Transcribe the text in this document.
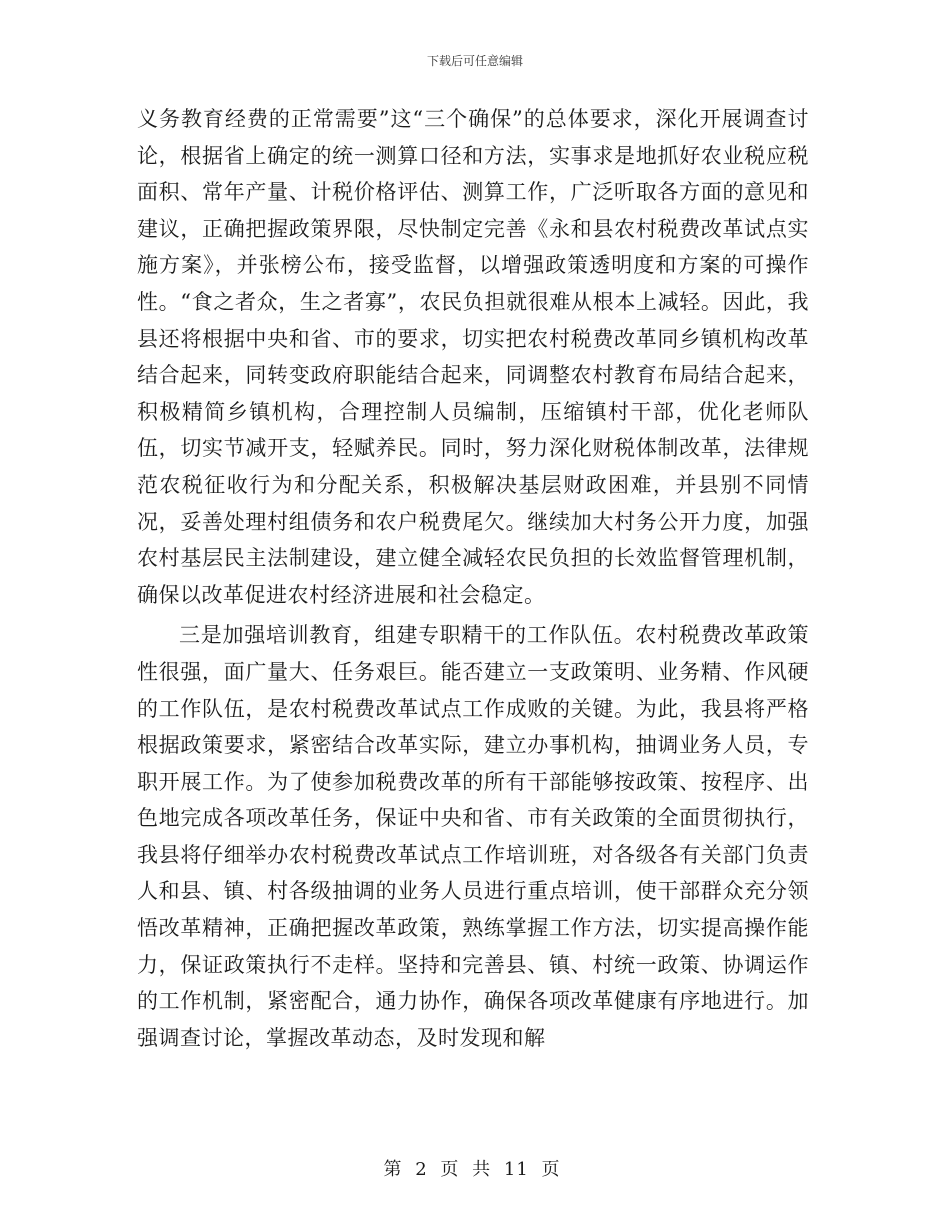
下载后可任意编辑

义务教育经费的正常需要”这“三个确保”的总体要求，深化开展调查讨论，根据省上确定的统一测算口径和方法，实事求是地抓好农业税应税面积、常年产量、计税价格评估、测算工作，广泛听取各方面的意见和建议，正确把握政策界限，尽快制定完善《永和县农村税费改革试点实施方案》，并张榜公布，接受监督，以增强政策透明度和方案的可操作性。“食之者众，生之者寡”，农民负担就很难从根本上减轻。因此，我县还将根据中央和省、市的要求，切实把农村税费改革同乡镇机构改革结合起来，同转变政府职能结合起来，同调整农村教育布局结合起来，积极精简乡镇机构，合理控制人员编制，压缩镇村干部，优化老师队伍，切实节减开支，轻赋养民。同时，努力深化财税体制改革，法律规范农税征收行为和分配关系，积极解决基层财政困难，并县别不同情况，妥善处理村组债务和农户税费尾欠。继续加大村务公开力度，加强农村基层民主法制建设，建立健全减轻农民负担的长效监督管理机制，确保以改革促进农村经济进展和社会稳定。

三是加强培训教育，组建专职精干的工作队伍。农村税费改革政策性很强，面广量大、任务艰巨。能否建立一支政策明、业务精、作风硬的工作队伍，是农村税费改革试点工作成败的关键。为此，我县将严格根据政策要求，紧密结合改革实际，建立办事机构，抽调业务人员，专职开展工作。为了使参加税费改革的所有干部能够按政策、按程序、出色地完成各项改革任务，保证中央和省、市有关政策的全面贯彻执行，我县将仔细举办农村税费改革试点工作培训班，对各级各有关部门负责人和县、镇、村各级抽调的业务人员进行重点培训，使干部群众充分领悟改革精神，正确把握改革政策，熟练掌握工作方法，切实提高操作能力，保证政策执行不走样。坚持和完善县、镇、村统一政策、协调运作的工作机制，紧密配合，通力协作，确保各项改革健康有序地进行。加强调查讨论，掌握改革动态，及时发现和解

第 2 页 共 11 页
